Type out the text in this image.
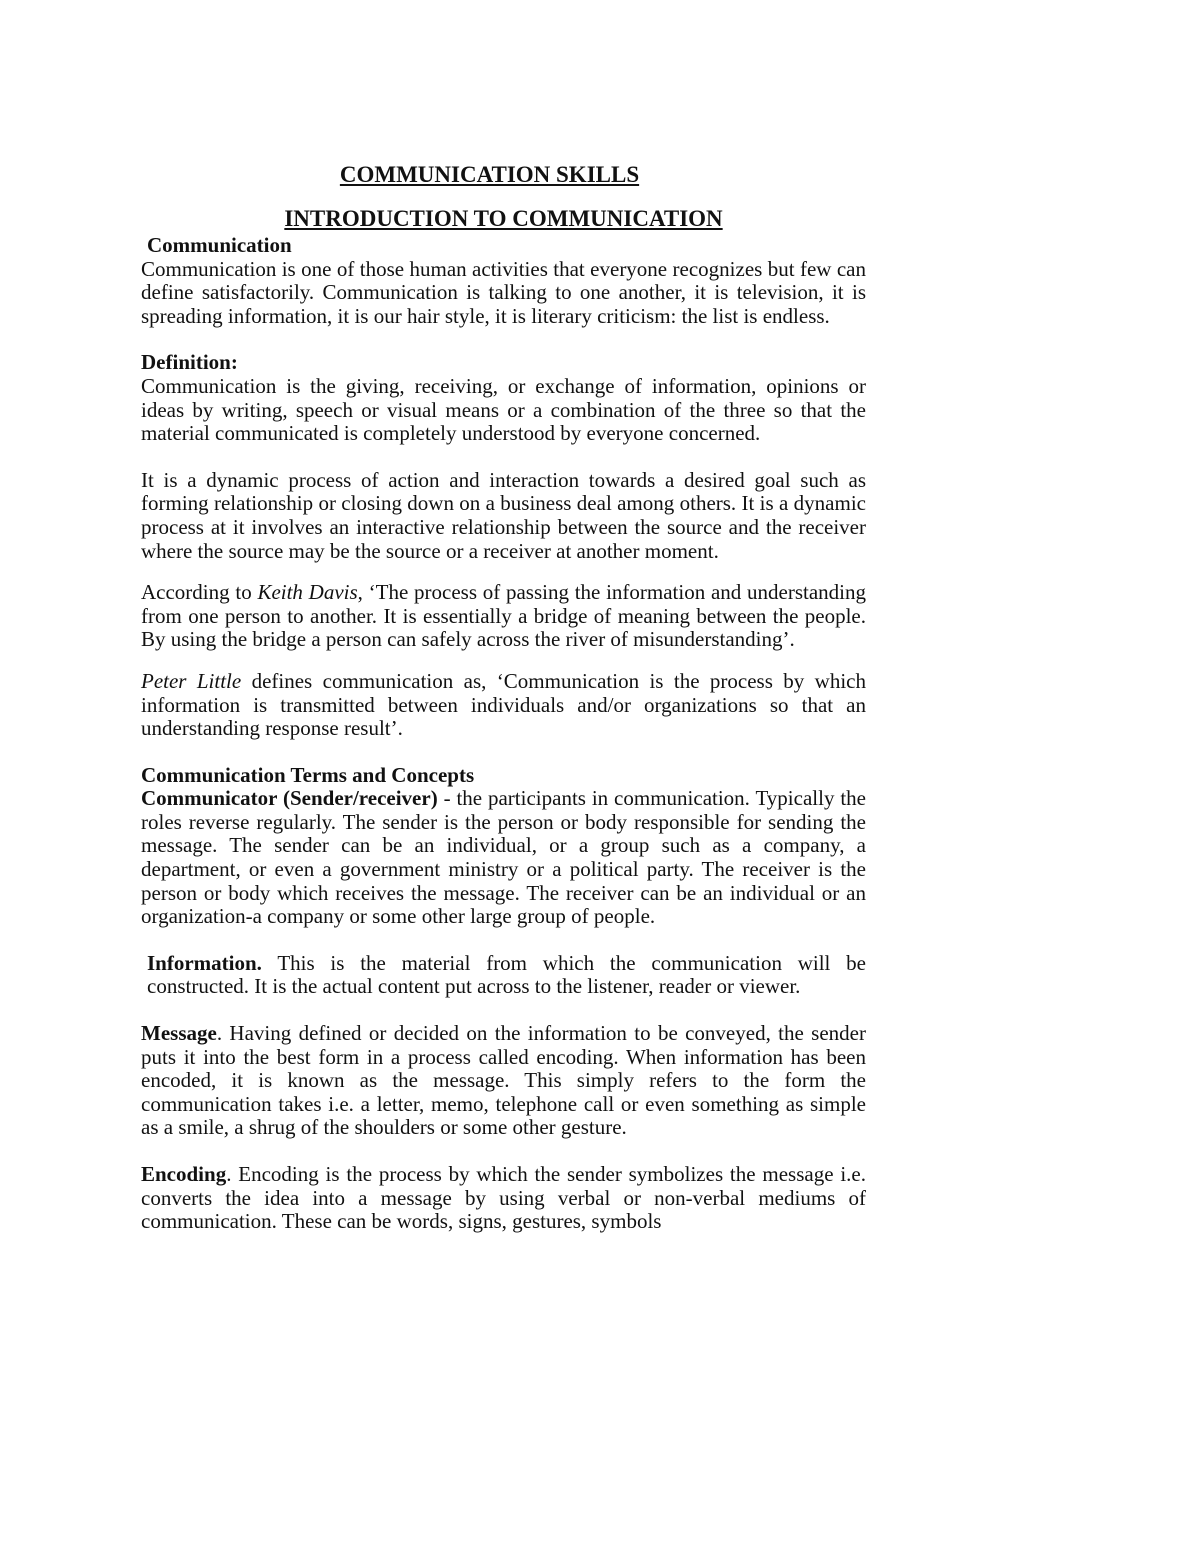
COMMUNICATION SKILLS
INTRODUCTION TO COMMUNICATION
Communication

Communication is one of those human activities that everyone recognizes but few can define satisfactorily. Communication is talking to one another, it is television, it is spreading information, it is our hair style, it is literary criticism: the list is endless.

Definition:

Communication is the giving, receiving, or exchange of information, opinions or ideas by writing, speech or visual means or a combination of the three so that the material communicated is completely understood by everyone concerned.

It is a dynamic process of action and interaction towards a desired goal such as forming relationship or closing down on a business deal among others. It is a dynamic process at it involves an interactive relationship between the source and the receiver where the source may be the source or a receiver at another moment.

According to Keith Davis, ‘The process of passing the information and understanding from one person to another. It is essentially a bridge of meaning between the people. By using the bridge a person can safely across the river of misunderstanding’.

Peter Little defines communication as, ‘Communication is the process by which information is transmitted between individuals and/or organizations so that an understanding response result’.

Communication Terms and Concepts

Communicator (Sender/receiver) - the participants in communication. Typically the roles reverse regularly. The sender is the person or body responsible for sending the message. The sender can be an individual, or a group such as a company, a department, or even a government ministry or a political party. The receiver is the person or body which receives the message. The receiver can be an individual or an organization-a company or some other large group of people.

Information. This is the material from which the communication will be constructed. It is the actual content put across to the listener, reader or viewer.

Message. Having defined or decided on the information to be conveyed, the sender puts it into the best form in a process called encoding. When information has been encoded, it is known as the message. This simply refers to the form the communication takes i.e. a letter, memo, telephone call or even something as simple as a smile, a shrug of the shoulders or some other gesture.

Encoding. Encoding is the process by which the sender symbolizes the message i.e. converts the idea into a message by using verbal or non-verbal mediums of communication. These can be words, signs, gestures, symbols
